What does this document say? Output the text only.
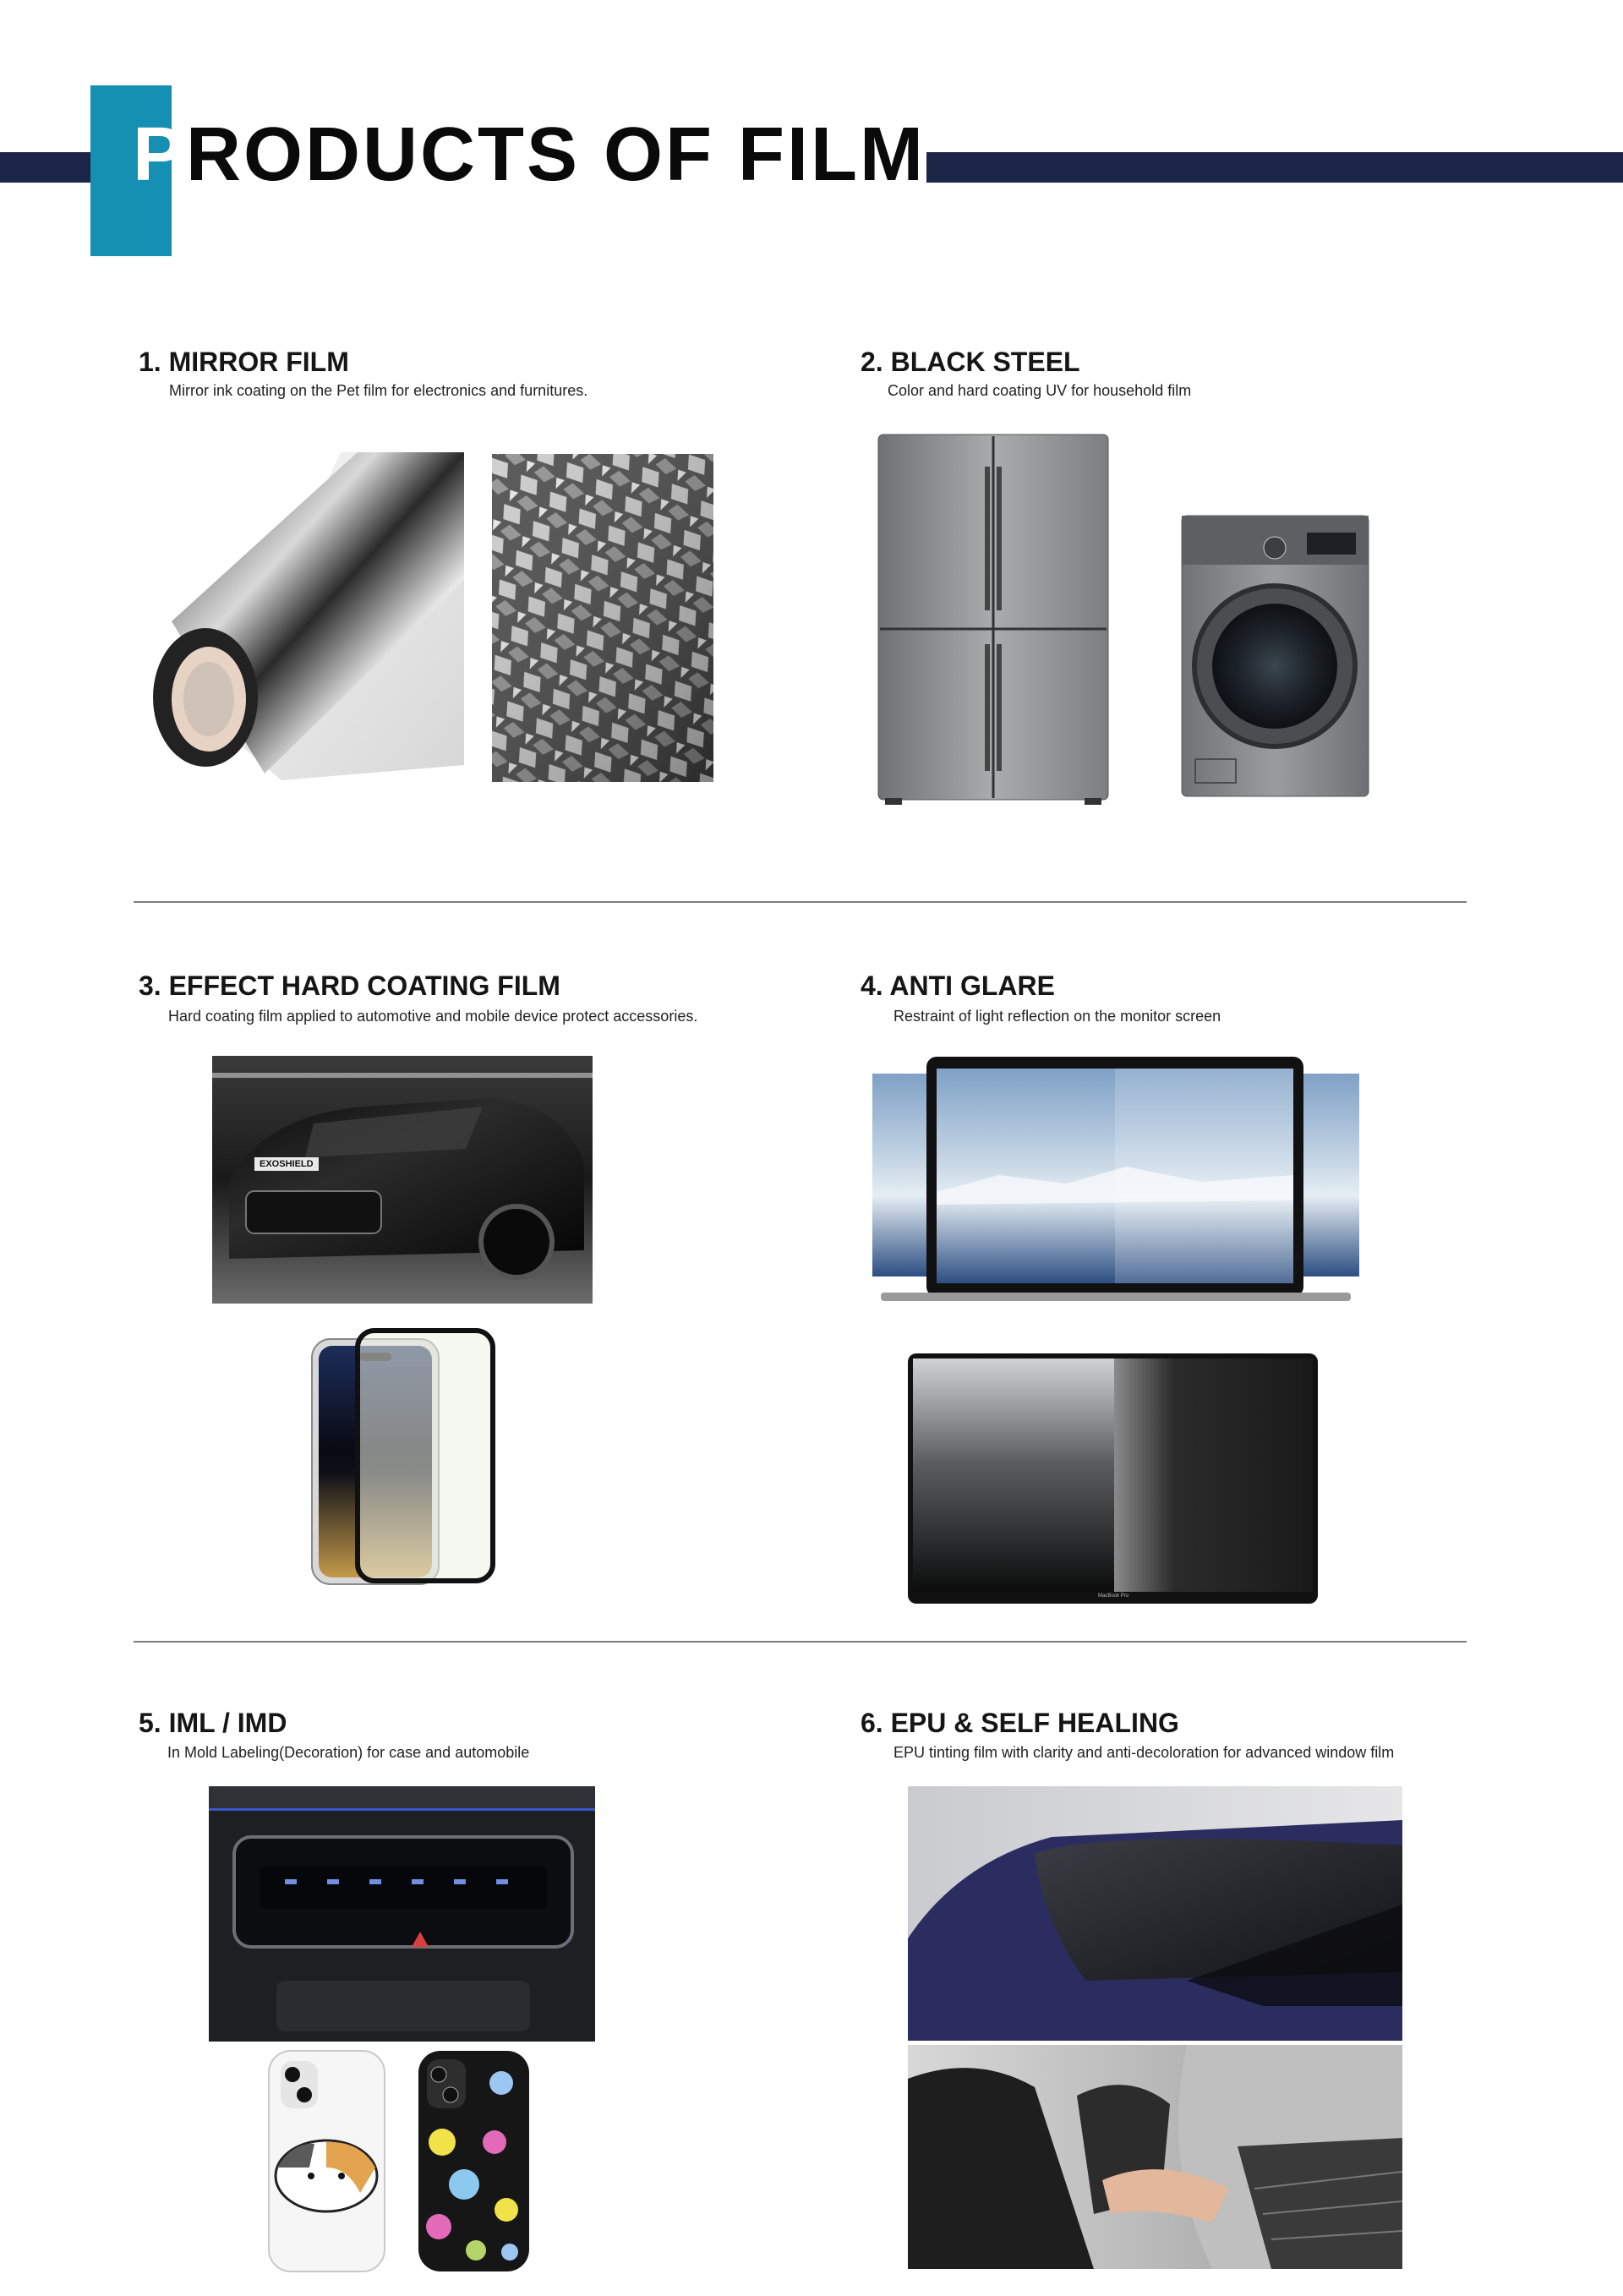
RODUCTS OF FILM
P
1. MIRROR FILM
Mirror ink coating on the Pet film for electronics and furnitures.
2. BLACK STEEL
Color and hard coating UV for household film
3. EFFECT HARD COATING FILM
Hard coating film applied to automotive and mobile device protect accessories.
EXOSHIELD
4. ANTI GLARE
Restraint of light reflection on the monitor screen
MacBook Pro
5. IML / IMD
In Mold Labeling(Decoration) for case and automobile
6. EPU & SELF HEALING
EPU tinting film with clarity and anti-decoloration for advanced window film
